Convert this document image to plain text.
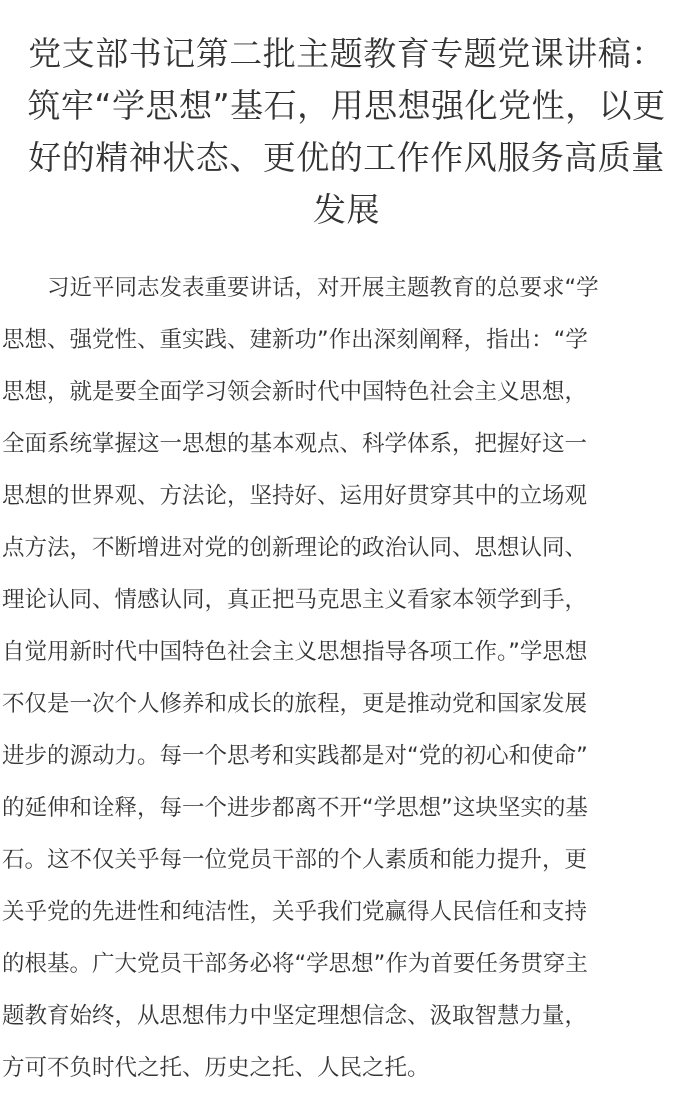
党支部书记第二批主题教育专题党课讲稿：
筑牢“学思想”基石，用思想强化党性，以更
好的精神状态、更优的工作作风服务高质量
发展
　　习近平同志发表重要讲话，对开展主题教育的总要求“学
思想、强党性、重实践、建新功”作出深刻阐释，指出：“学
思想，就是要全面学习领会新时代中国特色社会主义思想，
全面系统掌握这一思想的基本观点、科学体系，把握好这一
思想的世界观、方法论，坚持好、运用好贯穿其中的立场观
点方法，不断增进对党的创新理论的政治认同、思想认同、
理论认同、情感认同，真正把马克思主义看家本领学到手，
自觉用新时代中国特色社会主义思想指导各项工作。”学思想
不仅是一次个人修养和成长的旅程，更是推动党和国家发展
进步的源动力。每一个思考和实践都是对“党的初心和使命”
的延伸和诠释，每一个进步都离不开“学思想”这块坚实的基
石。这不仅关乎每一位党员干部的个人素质和能力提升，更
关乎党的先进性和纯洁性，关乎我们党赢得人民信任和支持
的根基。广大党员干部务必将“学思想”作为首要任务贯穿主
题教育始终，从思想伟力中坚定理想信念、汲取智慧力量，
方可不负时代之托、历史之托、人民之托。
